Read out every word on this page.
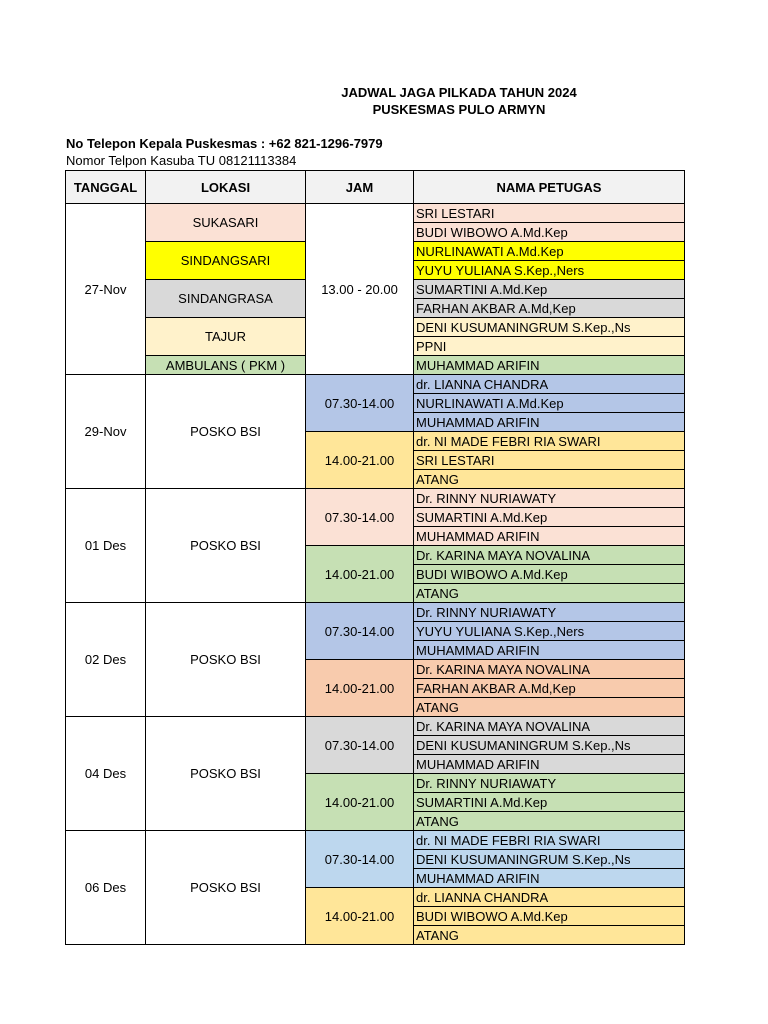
JADWAL JAGA PILKADA TAHUN 2024
PUSKESMAS PULO ARMYN
No Telepon Kepala Puskesmas : +62 821-1296-7979
Nomor Telpon Kasuba TU 08121113384
TANGGAL	LOKASI	JAM	NAMA PETUGAS
27-Nov	SUKASARI	13.00 - 20.00	SRI LESTARI
			BUDI WIBOWO A.Md.Kep
	SINDANGSARI		NURLINAWATI A.Md.Kep
			YUYU YULIANA S.Kep.,Ners
	SINDANGRASA		SUMARTINI A.Md.Kep
			FARHAN AKBAR A.Md,Kep
	TAJUR		DENI KUSUMANINGRUM S.Kep.,Ns
			PPNI
	AMBULANS ( PKM )		MUHAMMAD ARIFIN
29-Nov	POSKO BSI	07.30-14.00	dr. LIANNA CHANDRA
			NURLINAWATI A.Md.Kep
			MUHAMMAD ARIFIN
		14.00-21.00	dr. NI MADE FEBRI RIA SWARI
			SRI LESTARI
			ATANG
01 Des	POSKO BSI	07.30-14.00	Dr. RINNY NURIAWATY
			SUMARTINI A.Md.Kep
			MUHAMMAD ARIFIN
		14.00-21.00	Dr. KARINA MAYA NOVALINA
			BUDI WIBOWO A.Md.Kep
			ATANG
02 Des	POSKO BSI	07.30-14.00	Dr. RINNY NURIAWATY
			YUYU YULIANA S.Kep.,Ners
			MUHAMMAD ARIFIN
		14.00-21.00	Dr. KARINA MAYA NOVALINA
			FARHAN AKBAR A.Md,Kep
			ATANG
04 Des	POSKO BSI	07.30-14.00	Dr. KARINA MAYA NOVALINA
			DENI KUSUMANINGRUM S.Kep.,Ns
			MUHAMMAD ARIFIN
		14.00-21.00	Dr. RINNY NURIAWATY
			SUMARTINI A.Md.Kep
			ATANG
06 Des	POSKO BSI	07.30-14.00	dr. NI MADE FEBRI RIA SWARI
			DENI KUSUMANINGRUM S.Kep.,Ns
			MUHAMMAD ARIFIN
		14.00-21.00	dr. LIANNA CHANDRA
			BUDI WIBOWO A.Md.Kep
			ATANG
